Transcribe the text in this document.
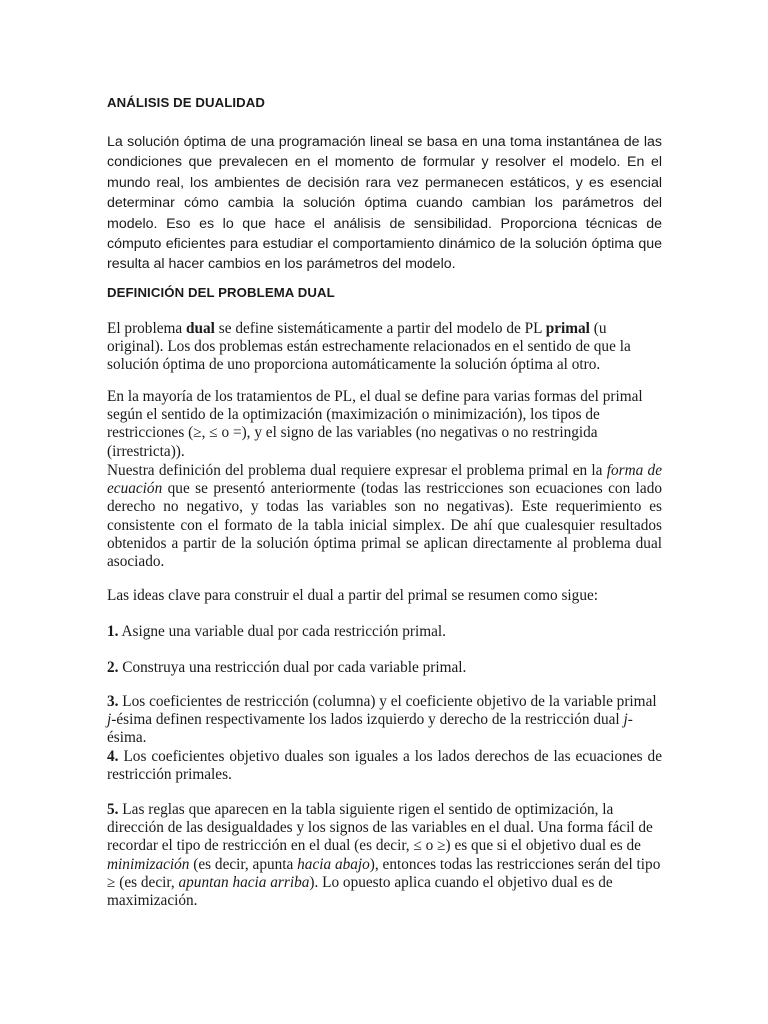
ANÁLISIS DE DUALIDAD

La solución óptima de una programación lineal se basa en una toma instantánea de las condiciones que prevalecen en el momento de formular y resolver el modelo. En el mundo real, los ambientes de decisión rara vez permanecen estáticos, y es esencial determinar cómo cambia la solución óptima cuando cambian los parámetros del modelo. Eso es lo que hace el análisis de sensibilidad. Proporciona técnicas de cómputo eficientes para estudiar el comportamiento dinámico de la solución óptima que resulta al hacer cambios en los parámetros del modelo.

DEFINICIÓN DEL PROBLEMA DUAL

El problema dual se define sistemáticamente a partir del modelo de PL primal (u original). Los dos problemas están estrechamente relacionados en el sentido de que la solución óptima de uno proporciona automáticamente la solución óptima al otro.

En la mayoría de los tratamientos de PL, el dual se define para varias formas del primal según el sentido de la optimización (maximización o minimización), los tipos de restricciones (≥, ≤ o =), y el signo de las variables (no negativas o no restringida (irrestricta)).

Nuestra definición del problema dual requiere expresar el problema primal en la forma de ecuación que se presentó anteriormente (todas las restricciones son ecuaciones con lado derecho no negativo, y todas las variables son no negativas). Este requerimiento es consistente con el formato de la tabla inicial simplex. De ahí que cualesquier resultados obtenidos a partir de la solución óptima primal se aplican directamente al problema dual asociado.

Las ideas clave para construir el dual a partir del primal se resumen como sigue:

1. Asigne una variable dual por cada restricción primal.

2. Construya una restricción dual por cada variable primal.

3. Los coeficientes de restricción (columna) y el coeficiente objetivo de la variable primal j-ésima definen respectivamente los lados izquierdo y derecho de la restricción dual j-ésima.

4. Los coeficientes objetivo duales son iguales a los lados derechos de las ecuaciones de restricción primales.

5. Las reglas que aparecen en la tabla siguiente rigen el sentido de optimización, la dirección de las desigualdades y los signos de las variables en el dual. Una forma fácil de recordar el tipo de restricción en el dual (es decir, ≤ o ≥) es que si el objetivo dual es de minimización (es decir, apunta hacia abajo), entonces todas las restricciones serán del tipo ≥ (es decir, apuntan hacia arriba). Lo opuesto aplica cuando el objetivo dual es de maximización.
